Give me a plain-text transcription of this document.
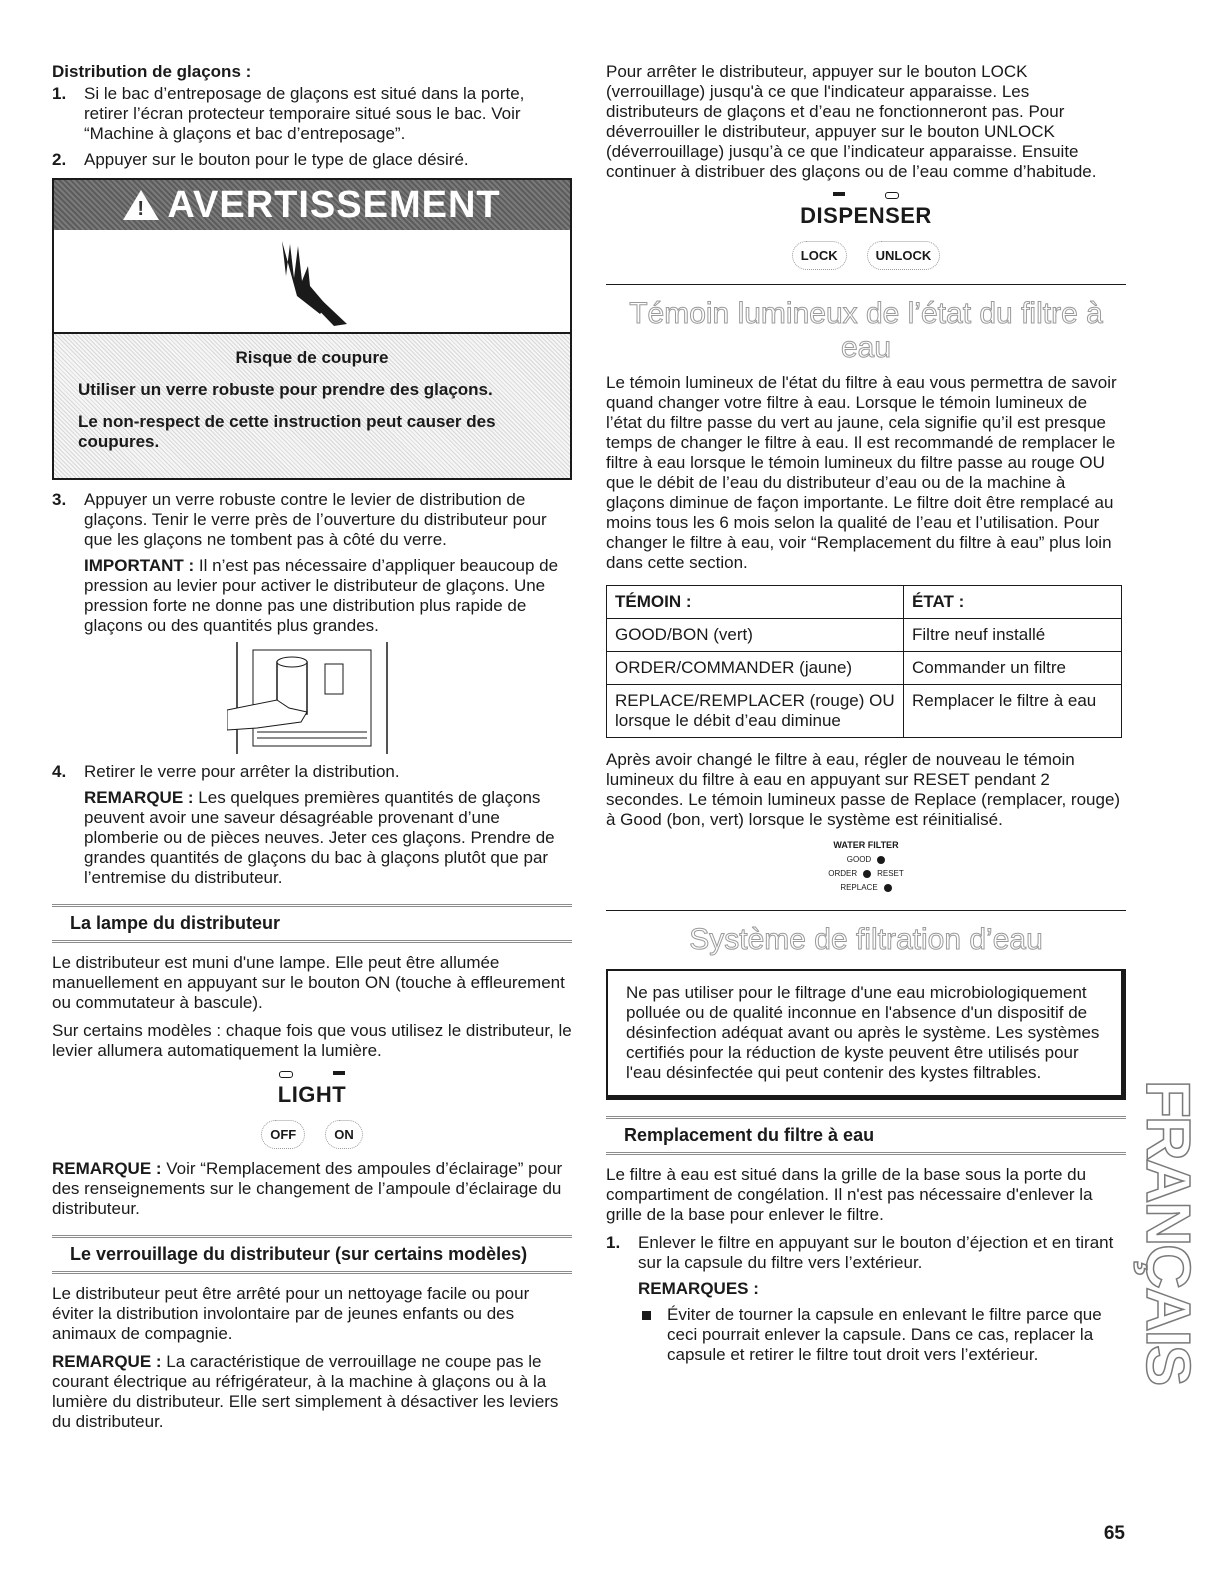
Distribution de glaçons :
1.	Si le bac d’entreposage de glaçons est situé dans la porte, retirer l’écran protecteur temporaire situé sous le bac. Voir “Machine à glaçons et bac d’entreposage”.
2.	Appuyer sur le bouton pour le type de glace désiré.
! AVERTISSEMENT
Risque de coupure

Utiliser un verre robuste pour prendre des glaçons.

Le non-respect de cette instruction peut causer des coupures.

3.	Appuyer un verre robuste contre le levier de distribution de glaçons. Tenir le verre près de l’ouverture du distributeur pour que les glaçons ne tombent pas à côté du verre.
IMPORTANT : Il n’est pas nécessaire d’appliquer beaucoup de pression au levier pour activer le distributeur de glaçons. Une pression forte ne donne pas une distribution plus rapide de glaçons ou des quantités plus grandes.
4.	Retirer le verre pour arrêter la distribution.
REMARQUE : Les quelques premières quantités de glaçons peuvent avoir une saveur désagréable provenant d’une plomberie ou de pièces neuves. Jeter ces glaçons. Prendre de grandes quantités de glaçons du bac à glaçons plutôt que par l’entremise du distributeur.
La lampe du distributeur

Le distributeur est muni d'une lampe. Elle peut être allumée manuellement en appuyant sur le bouton ON (touche à effleurement ou commutateur à bascule).

Sur certains modèles : chaque fois que vous utilisez le distributeur, le levier allumera automatiquement la lumière.

LIGHT
OFF	ON

REMARQUE : Voir “Remplacement des ampoules d’éclairage” pour des renseignements sur le changement de l’ampoule d’éclairage du distributeur.

Le verrouillage du distributeur (sur certains modèles)

Le distributeur peut être arrêté pour un nettoyage facile ou pour éviter la distribution involontaire par de jeunes enfants ou des animaux de compagnie.

REMARQUE : La caractéristique de verrouillage ne coupe pas le courant électrique au réfrigérateur, à la machine à glaçons ou à la lumière du distributeur. Elle sert simplement à désactiver les leviers du distributeur.

Pour arrêter le distributeur, appuyer sur le bouton LOCK (verrouillage) jusqu'à ce que l'indicateur apparaisse. Les distributeurs de glaçons et d’eau ne fonctionneront pas. Pour déverrouiller le distributeur, appuyer sur le bouton UNLOCK (déverrouillage) jusqu’à ce que l’indicateur apparaisse. Ensuite continuer à distribuer des glaçons ou de l’eau comme d’habitude.

DISPENSER
LOCK	UNLOCK
Témoin lumineux de l’état du filtre à eau

Le témoin lumineux de l'état du filtre à eau vous permettra de savoir quand changer votre filtre à eau. Lorsque le témoin lumineux de l’état du filtre passe du vert au jaune, cela signifie qu’il est presque temps de changer le filtre à eau. Il est recommandé de remplacer le filtre à eau lorsque le témoin lumineux du filtre passe au rouge OU que le débit de l’eau du distributeur d’eau ou de la machine à glaçons diminue de façon importante. Le filtre doit être remplacé au moins tous les 6 mois selon la qualité de l’eau et l’utilisation. Pour changer le filtre à eau, voir “Remplacement du filtre à eau” plus loin dans cette section.

TÉMOIN :	ÉTAT :
GOOD/BON (vert)	Filtre neuf installé
ORDER/COMMANDER (jaune)	Commander un filtre
REPLACE/REMPLACER (rouge) OU lorsque le débit d’eau diminue	Remplacer le filtre à eau

Après avoir changé le filtre à eau, régler de nouveau le témoin lumineux du filtre à eau en appuyant sur RESET pendant 2 secondes. Le témoin lumineux passe de Replace (remplacer, rouge) à Good (bon, vert) lorsque le système est réinitialisé.

WATER FILTER
GOOD
ORDER	RESET
REPLACE
Système de filtration d’eau

Ne pas utiliser pour le filtrage d'une eau microbiologiquement polluée ou de qualité inconnue en l'absence d'un dispositif de désinfection adéquat avant ou après le système. Les systèmes certifiés pour la réduction de kyste peuvent être utilisés pour l'eau désinfectée qui peut contenir des kystes filtrables.

Remplacement du filtre à eau

Le filtre à eau est situé dans la grille de la base sous la porte du compartiment de congélation. Il n'est pas nécessaire d'enlever la grille de la base pour enlever le filtre.

1.	Enlever le filtre en appuyant sur le bouton d’éjection et en tirant sur la capsule du filtre vers l’extérieur.
REMARQUES :
Éviter de tourner la capsule en enlevant le filtre parce que ceci pourrait enlever la capsule. Dans ce cas, replacer la capsule et retirer le filtre tout droit vers l’extérieur.	FRANÇAIS
65
